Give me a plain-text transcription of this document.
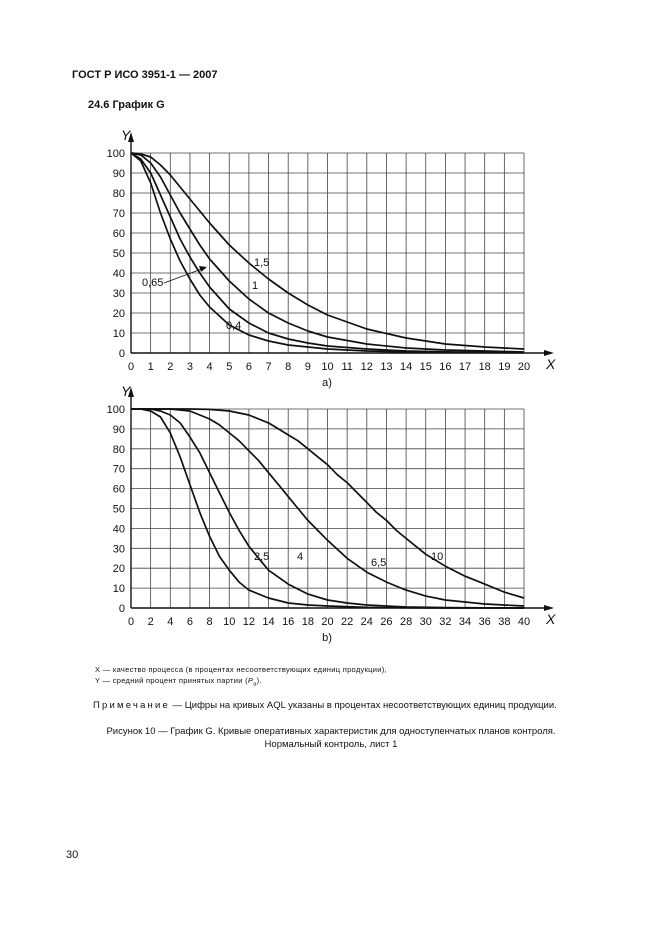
ГОСТ Р ИСО 3951-1 — 2007
24.6 График G
0 1 2 3 4 5 6 7 8 9 10 11 12 13 14 15 16 17 18 19 20
0
10
20
30
40
50
60
70
80
90
100
X
Y
a)
1,5
1
0,65
0,4
0 2 4 6 8 10 12 14 16 18 20 22 24 26 28 30 32 34 36 38 40
0
10
20
30
40
50
60
70
80
90
100
X
Y
b)
2,5	4	6,5	10
X — качество процесса (в процентах несоответствующих единиц продукции),
Y — средний процент принятых партии $(P_a)$.
Примечание — Цифры на кривых AQL указаны в процентах несоответствующих единиц продукции.
Рисунок 10 — График G. Кривые оперативных характеристик для одноступенчатых планов контроля.
Нормальный контроль, лист 1
30
